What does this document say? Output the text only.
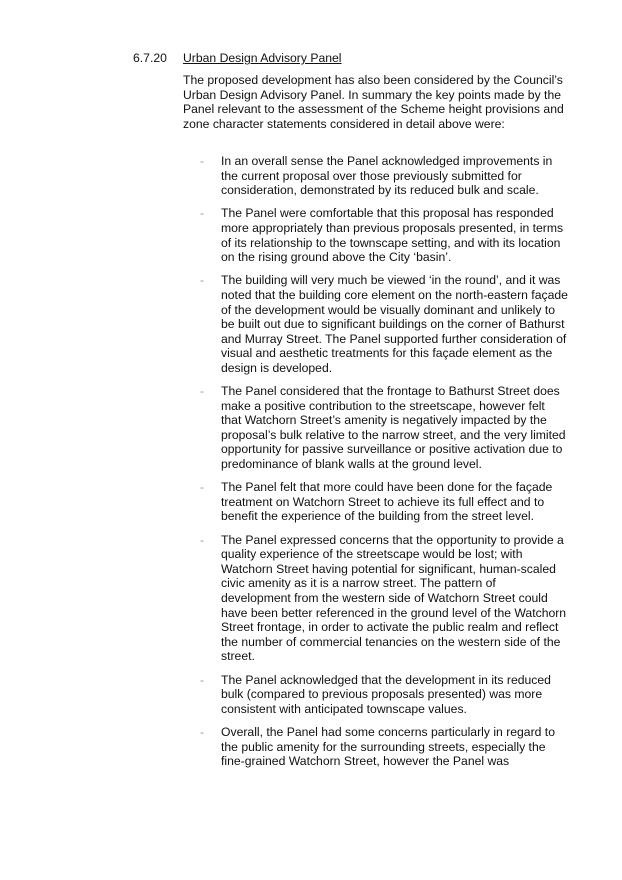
6.7.20 Urban Design Advisory Panel

The proposed development has also been considered by the Council’s Urban Design Advisory Panel. In summary the key points made by the Panel relevant to the assessment of the Scheme height provisions and zone character statements considered in detail above were:

- In an overall sense the Panel acknowledged improvements in the current proposal over those previously submitted for consideration, demonstrated by its reduced bulk and scale.
- The Panel were comfortable that this proposal has responded more appropriately than previous proposals presented, in terms of its relationship to the townscape setting, and with its location on the rising ground above the City ‘basin’.
- The building will very much be viewed ‘in the round’, and it was noted that the building core element on the north-eastern façade of the development would be visually dominant and unlikely to be built out due to significant buildings on the corner of Bathurst and Murray Street. The Panel supported further consideration of visual and aesthetic treatments for this façade element as the design is developed.
- The Panel considered that the frontage to Bathurst Street does make a positive contribution to the streetscape, however felt that Watchorn Street’s amenity is negatively impacted by the proposal’s bulk relative to the narrow street, and the very limited opportunity for passive surveillance or positive activation due to predominance of blank walls at the ground level.
- The Panel felt that more could have been done for the façade treatment on Watchorn Street to achieve its full effect and to benefit the experience of the building from the street level.
- The Panel expressed concerns that the opportunity to provide a quality experience of the streetscape would be lost; with Watchorn Street having potential for significant, human-scaled civic amenity as it is a narrow street. The pattern of development from the western side of Watchorn Street could have been better referenced in the ground level of the Watchorn Street frontage, in order to activate the public realm and reflect the number of commercial tenancies on the western side of the street.
- The Panel acknowledged that the development in its reduced bulk (compared to previous proposals presented) was more consistent with anticipated townscape values.
- Overall, the Panel had some concerns particularly in regard to the public amenity for the surrounding streets, especially the fine-grained Watchorn Street, however the Panel was
